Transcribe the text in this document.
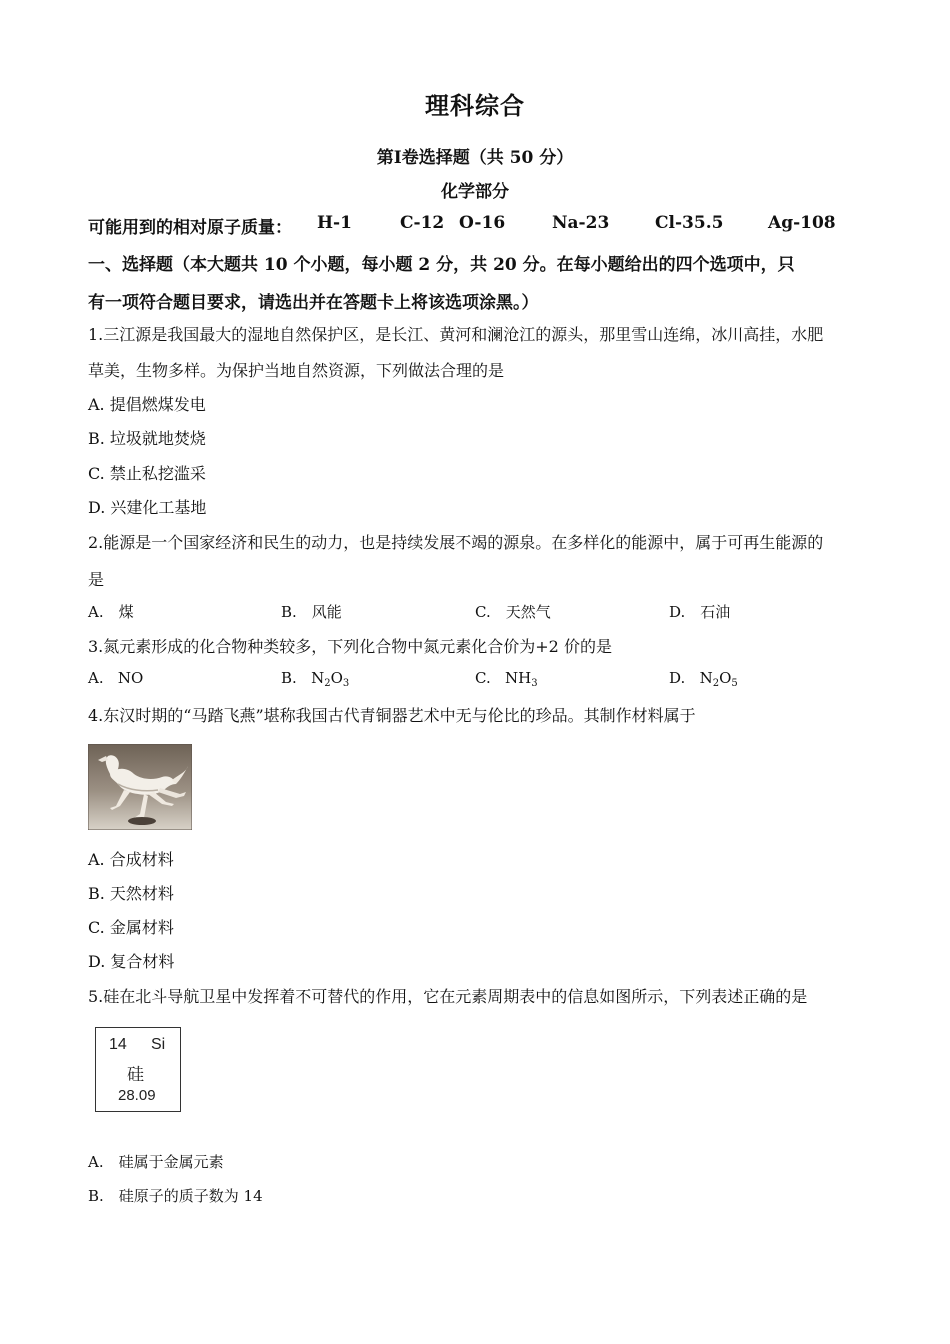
理科综合
第Ⅰ卷选择题（共 50 分）
化学部分
可能用到的相对原子质量： H-1	C-12 O-16	Na-23	Cl-35.5	Ag-108
一、选择题（本大题共 10 个小题，每小题 2 分，共 20 分。在每小题给出的四个选项中，只
有一项符合题目要求，请选出并在答题卡上将该选项涂黑。）
1.三江源是我国最大的湿地自然保护区，是长江、黄河和澜沧江的源头，那里雪山连绵，冰川高挂，水肥
草美，生物多样。为保护当地自然资源，下列做法合理的是
A. 提倡燃煤发电
B. 垃圾就地焚烧
C. 禁止私挖滥采
D. 兴建化工基地
2.能源是一个国家经济和民生的动力，也是持续发展不竭的源泉。在多样化的能源中，属于可再生能源的
是
A.　煤	B.　风能	C.　天然气	D.　石油
3.氮元素形成的化合物种类较多，下列化合物中氮元素化合价为+2 价的是
A. NO	B. $N_2O_3$	C. $NH_3$	D. $N_2O_5$
4.东汉时期的“马踏飞燕”堪称我国古代青铜器艺术中无与伦比的珍品。其制作材料属于
A. 合成材料
B. 天然材料
C. 金属材料
D. 复合材料
5.硅在北斗导航卫星中发挥着不可替代的作用，它在元素周期表中的信息如图所示，下列表述正确的是
14 Si
硅
28.09
A.　硅属于金属元素
B.　硅原子的质子数为 14
